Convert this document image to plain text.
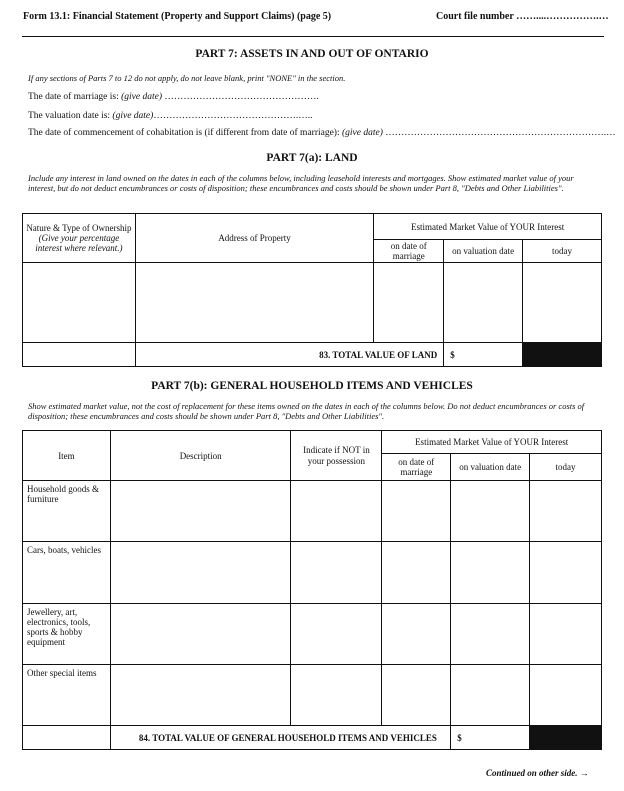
Form 13.1: Financial Statement (Property and Support Claims) (page 5)	Court file number ……....…………….…
PART 7: ASSETS IN AND OUT OF ONTARIO
If any sections of Parts 7 to 12 do not apply, do not leave blank, print "NONE" in the section.
The date of marriage is: (give date) ………………………………………….
The valuation date is: (give date)……………………………………….…..
The date of commencement of cohabitation is (if different from date of marriage): (give date) …………………………………………………………….…
PART 7(a): LAND
Include any interest in land owned on the dates in each of the columns below, including leasehold interests and mortgages. Show estimated market value of your interest, but do not deduct encumbrances or costs of disposition; these encumbrances and costs should be shown under Part 8, "Debts and Other Liabilities".
Nature & Type of Ownership
(Give your percentage interest where relevant.)	Address of Property	Estimated Market Value of YOUR Interest		
		on date of marriage	on valuation date	today

	83. TOTAL VALUE OF LAND		$	
PART 7(b): GENERAL HOUSEHOLD ITEMS AND VEHICLES
Show estimated market value, not the cost of replacement for these items owned on the dates in each of the columns below. Do not deduct encumbrances or costs of disposition; these encumbrances and costs should be shown under Part 8, "Debts and Other Liabilities".
Item	Description	Indicate if NOT in your possession	Estimated Market Value of YOUR Interest		
			on date of marriage	on valuation date	today
Household goods & furniture					
Cars, boats, vehicles					
Jewellery, art, electronics, tools, sports & hobby equipment					
Other special items					
	84. TOTAL VALUE OF GENERAL HOUSEHOLD ITEMS AND VEHICLES			$	
Continued on other side. →
